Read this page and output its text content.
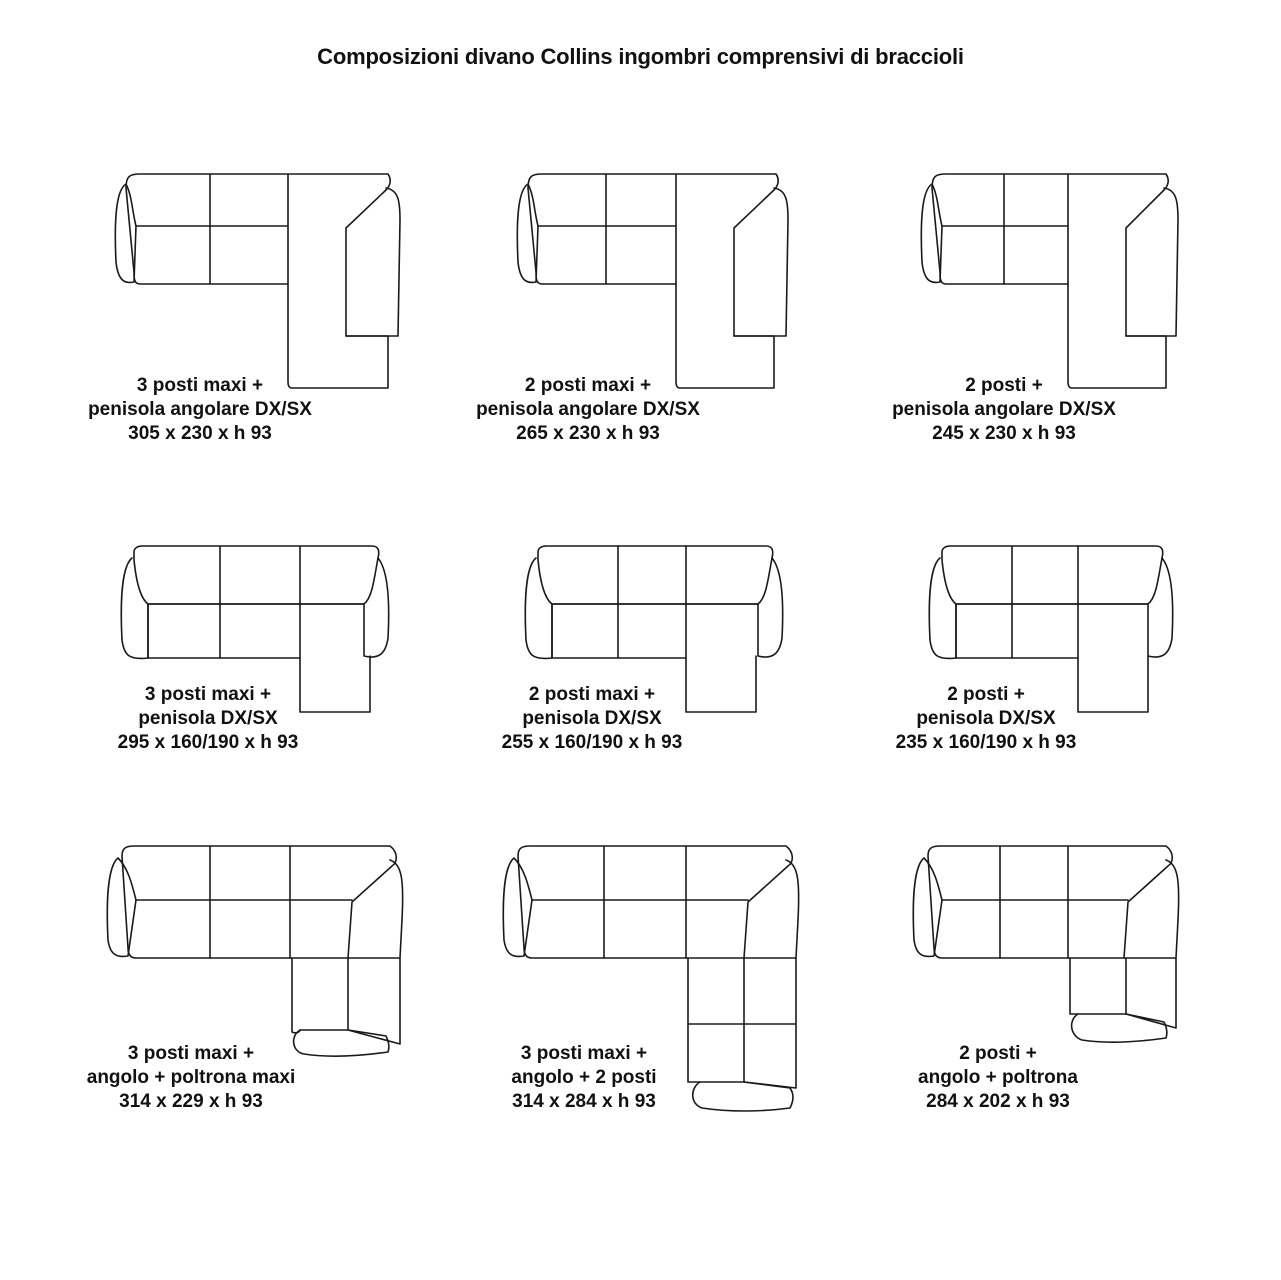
Composizioni divano Collins ingombri comprensivi di braccioli
3 posti maxi +
penisola angolare DX/SX
305 x 230 x h 93
2 posti maxi +
penisola angolare DX/SX
265 x 230 x h 93
2 posti +
penisola angolare DX/SX
245 x 230 x h 93
3 posti maxi +
penisola DX/SX
295 x 160/190 x h 93
2 posti maxi +
penisola DX/SX
255 x 160/190 x h 93
2 posti +
penisola DX/SX
235 x 160/190 x h 93
3 posti maxi +
angolo + poltrona maxi
314 x 229 x h 93
3 posti maxi +
angolo + 2 posti
314 x 284 x h 93
2 posti +
angolo + poltrona
284 x 202 x h 93
